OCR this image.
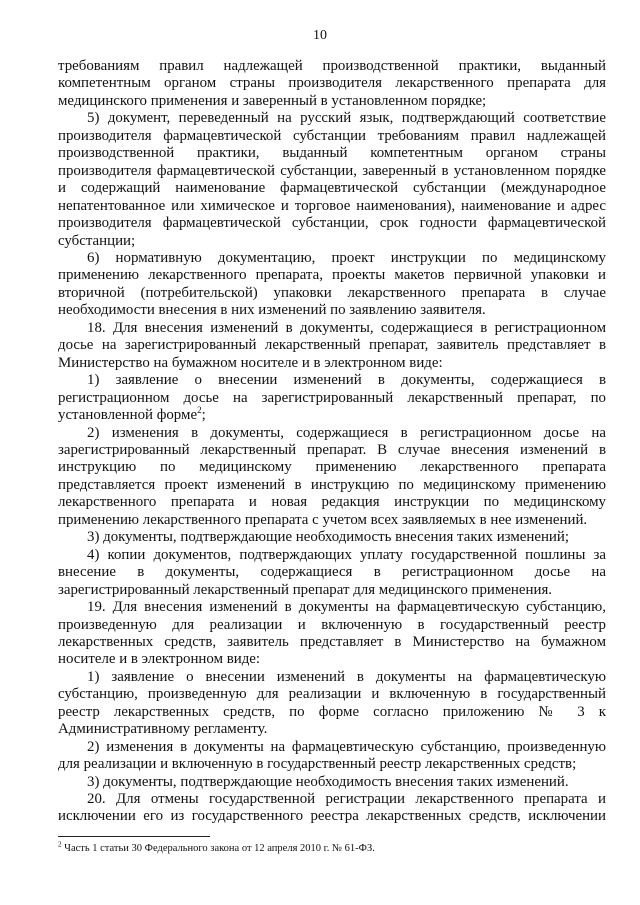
10

требованиям правил надлежащей производственной практики, выданный компетентным органом страны производителя лекарственного препарата для медицинского применения и заверенный в установленном порядке;

5) документ, переведенный на русский язык, подтверждающий соответствие производителя фармацевтической субстанции требованиям правил надлежащей производственной практики, выданный компетентным органом страны производителя фармацевтической субстанции, заверенный в установленном порядке и содержащий наименование фармацевтической субстанции (международное непатентованное или химическое и торговое наименования), наименование и адрес производителя фармацевтической субстанции, срок годности фармацевтической субстанции;

6) нормативную документацию, проект инструкции по медицинскому применению лекарственного препарата, проекты макетов первичной упаковки и вторичной (потребительской) упаковки лекарственного препарата в случае необходимости внесения в них изменений по заявлению заявителя.

18. Для внесения изменений в документы, содержащиеся в регистрационном досье на зарегистрированный лекарственный препарат, заявитель представляет в Министерство на бумажном носителе и в электронном виде:

1) заявление о внесении изменений в документы, содержащиеся в регистрационном досье на зарегистрированный лекарственный препарат, по установленной форме$^2$;

2) изменения в документы, содержащиеся в регистрационном досье на зарегистрированный лекарственный препарат. В случае внесения изменений в инструкцию по медицинскому применению лекарственного препарата представляется проект изменений в инструкцию по медицинскому применению лекарственного препарата и новая редакция инструкции по медицинскому применению лекарственного препарата с учетом всех заявляемых в нее изменений.

3) документы, подтверждающие необходимость внесения таких изменений;

4) копии документов, подтверждающих уплату государственной пошлины за внесение в документы, содержащиеся в регистрационном досье на зарегистрированный лекарственный препарат для медицинского применения.

19. Для внесения изменений в документы на фармацевтическую субстанцию, произведенную для реализации и включенную в государственный реестр лекарственных средств, заявитель представляет в Министерство на бумажном носителе и в электронном виде:

1) заявление о внесении изменений в документы на фармацевтическую субстанцию, произведенную для реализации и включенную в государственный реестр лекарственных средств, по форме согласно приложению № 3 к Административному регламенту.

2) изменения в документы на фармацевтическую субстанцию, произведенную для реализации и включенную в государственный реестр лекарственных средств;

3) документы, подтверждающие необходимость внесения таких изменений.

20. Для отмены государственной регистрации лекарственного препарата и исключении его из государственного реестра лекарственных средств, исключении

$^2$ Часть 1 статьи 30 Федерального закона от 12 апреля 2010 г. № 61-ФЗ.
